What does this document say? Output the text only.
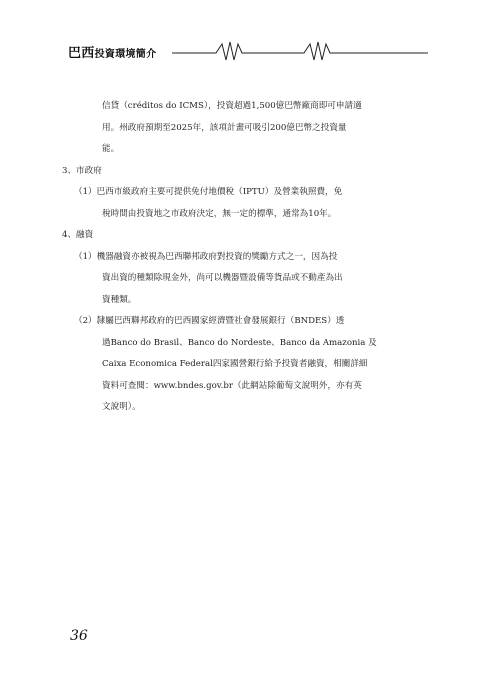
巴西投資環境簡介
信貸（créditos do ICMS），投資超過1,500億巴幣廠商即可申請適
用。州政府預期至2025年，該項計畫可吸引200億巴幣之投資量
能。
3、市政府
（1）巴西市級政府主要可提供免付地價稅（IPTU）及營業執照費，免
稅時間由投資地之市政府決定，無一定的標準，通常為10年。
4、融資
（1）機器融資亦被視為巴西聯邦政府對投資的獎勵方式之一，因為投
資出資的種類除現金外，尚可以機器暨設備等貨品或不動產為出
資種類。
（2）隸屬巴西聯邦政府的巴西國家經濟暨社會發展銀行（BNDES）透
過Banco do Brasil、Banco do Nordeste、Banco da Amazonia 及
Caixa Economica Federal四家國營銀行給予投資者融資，相關詳細
資料可查閱：www.bndes.gov.br（此網站除葡萄文說明外，亦有英
文說明）。
36
